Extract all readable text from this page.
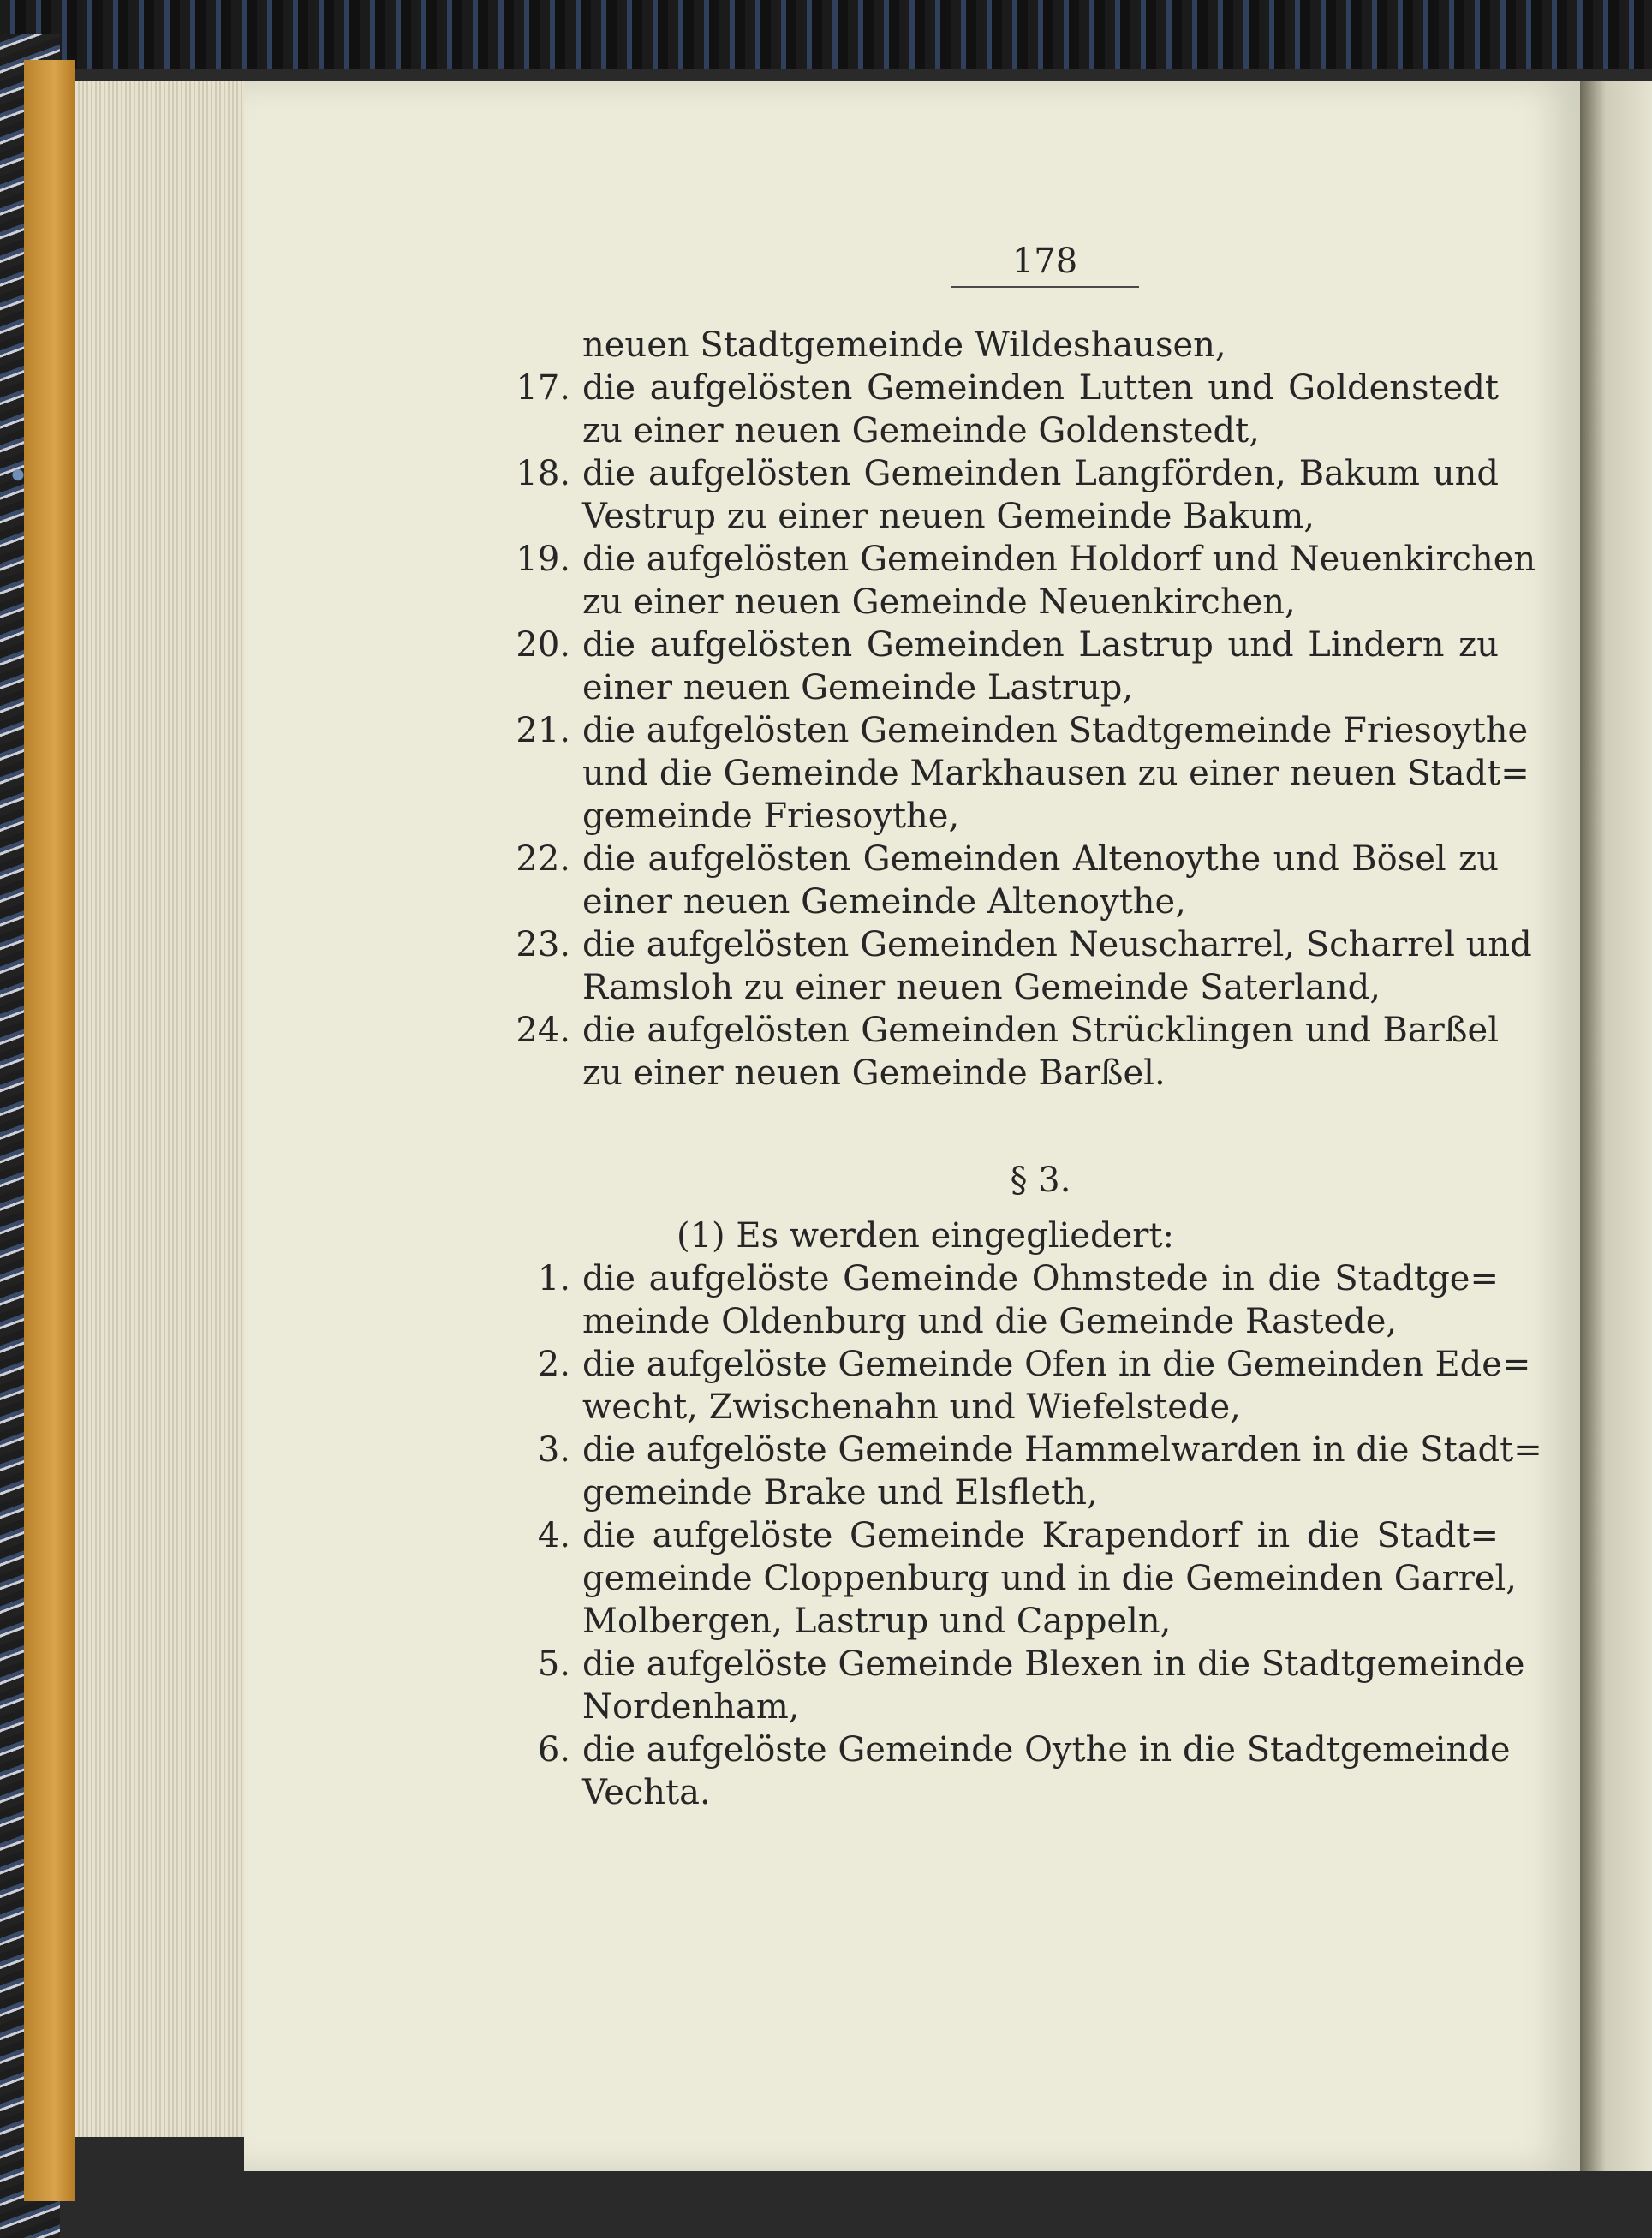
178
neuen Stadtgemeinde Wildeshausen,
17. die aufgelösten Gemeinden Lutten und Goldenstedt
zu einer neuen Gemeinde Goldenstedt,
18. die aufgelösten Gemeinden Langförden, Bakum und
Vestrup zu einer neuen Gemeinde Bakum,
19. die aufgelösten Gemeinden Holdorf und Neuenkirchen
zu einer neuen Gemeinde Neuenkirchen,
20. die aufgelösten Gemeinden Lastrup und Lindern zu
einer neuen Gemeinde Lastrup,
21. die aufgelösten Gemeinden Stadtgemeinde Friesoythe
und die Gemeinde Markhausen zu einer neuen Stadt=
gemeinde Friesoythe,
22. die aufgelösten Gemeinden Altenoythe und Bösel zu
einer neuen Gemeinde Altenoythe,
23. die aufgelösten Gemeinden Neuscharrel, Scharrel und
Ramsloh zu einer neuen Gemeinde Saterland,
24. die aufgelösten Gemeinden Strücklingen und Barßel
zu einer neuen Gemeinde Barßel.
§ 3.
(1) Es werden eingegliedert:
1. die aufgelöste Gemeinde Ohmstede in die Stadtge=
meinde Oldenburg und die Gemeinde Rastede,
2. die aufgelöste Gemeinde Ofen in die Gemeinden Ede=
wecht, Zwischenahn und Wiefelstede,
3. die aufgelöste Gemeinde Hammelwarden in die Stadt=
gemeinde Brake und Elsfleth,
4. die aufgelöste Gemeinde Krapendorf in die Stadt=
gemeinde Cloppenburg und in die Gemeinden Garrel,
Molbergen, Lastrup und Cappeln,
5. die aufgelöste Gemeinde Blexen in die Stadtgemeinde
Nordenham,
6. die aufgelöste Gemeinde Oythe in die Stadtgemeinde
Vechta.
